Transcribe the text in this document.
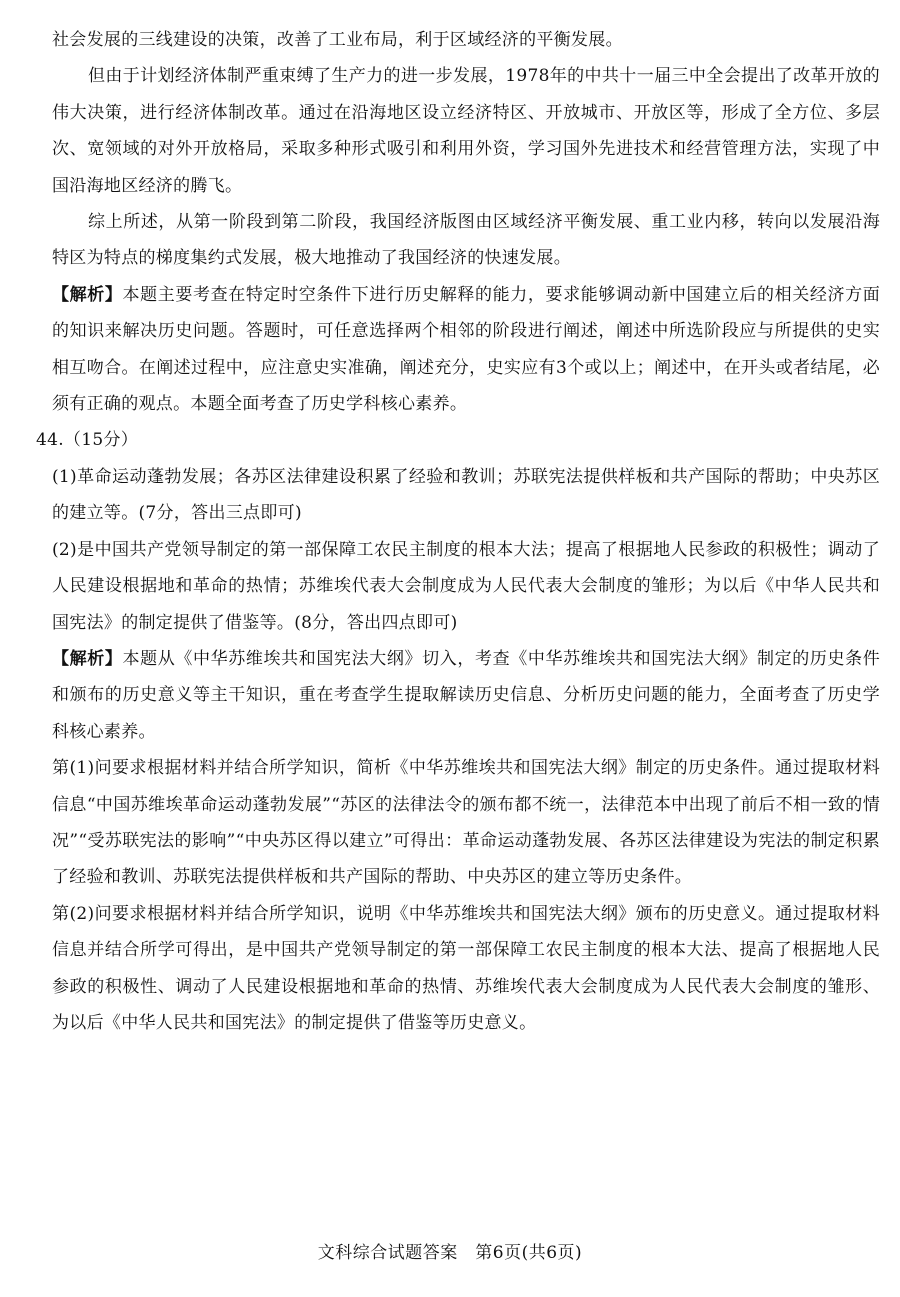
社会发展的三线建设的决策，改善了工业布局，利于区域经济的平衡发展。

但由于计划经济体制严重束缚了生产力的进一步发展，1978年的中共十一届三中全会提出了改革开放的伟大决策，进行经济体制改革。通过在沿海地区设立经济特区、开放城市、开放区等，形成了全方位、多层次、宽领域的对外开放格局，采取多种形式吸引和利用外资，学习国外先进技术和经营管理方法，实现了中国沿海地区经济的腾飞。

综上所述，从第一阶段到第二阶段，我国经济版图由区域经济平衡发展、重工业内移，转向以发展沿海特区为特点的梯度集约式发展，极大地推动了我国经济的快速发展。

【解析】本题主要考查在特定时空条件下进行历史解释的能力，要求能够调动新中国建立后的相关经济方面的知识来解决历史问题。答题时，可任意选择两个相邻的阶段进行阐述，阐述中所选阶段应与所提供的史实相互吻合。在阐述过程中，应注意史实准确，阐述充分，史实应有3个或以上；阐述中，在开头或者结尾，必须有正确的观点。本题全面考查了历史学科核心素养。

44.（15分）

(1)革命运动蓬勃发展；各苏区法律建设积累了经验和教训；苏联宪法提供样板和共产国际的帮助；中央苏区的建立等。(7分，答出三点即可)

(2)是中国共产党领导制定的第一部保障工农民主制度的根本大法；提高了根据地人民参政的积极性；调动了人民建设根据地和革命的热情；苏维埃代表大会制度成为人民代表大会制度的雏形；为以后《中华人民共和国宪法》的制定提供了借鉴等。(8分，答出四点即可)

【解析】本题从《中华苏维埃共和国宪法大纲》切入，考查《中华苏维埃共和国宪法大纲》制定的历史条件和颁布的历史意义等主干知识，重在考查学生提取解读历史信息、分析历史问题的能力，全面考查了历史学科核心素养。

第(1)问要求根据材料并结合所学知识，简析《中华苏维埃共和国宪法大纲》制定的历史条件。通过提取材料信息“中国苏维埃革命运动蓬勃发展”“苏区的法律法令的颁布都不统一，法律范本中出现了前后不相一致的情况”“受苏联宪法的影响”“中央苏区得以建立”可得出：革命运动蓬勃发展、各苏区法律建设为宪法的制定积累了经验和教训、苏联宪法提供样板和共产国际的帮助、中央苏区的建立等历史条件。

第(2)问要求根据材料并结合所学知识，说明《中华苏维埃共和国宪法大纲》颁布的历史意义。通过提取材料信息并结合所学可得出，是中国共产党领导制定的第一部保障工农民主制度的根本大法、提高了根据地人民参政的积极性、调动了人民建设根据地和革命的热情、苏维埃代表大会制度成为人民代表大会制度的雏形、为以后《中华人民共和国宪法》的制定提供了借鉴等历史意义。

文科综合试题答案　第6页(共6页)
